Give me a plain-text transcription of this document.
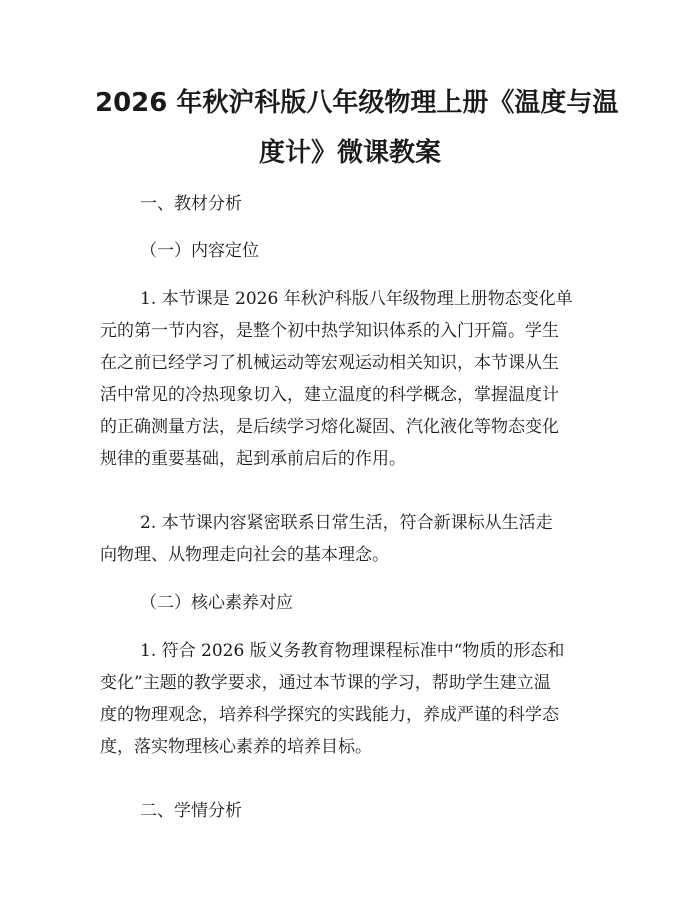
2026 年秋沪科版八年级物理上册《温度与温
度计》微课教案

一、教材分析

（一）内容定位

1. 本节课是 2026 年秋沪科版八年级物理上册物态变化单

元的第一节内容，是整个初中热学知识体系的入门开篇。学生

在之前已经学习了机械运动等宏观运动相关知识，本节课从生

活中常见的冷热现象切入，建立温度的科学概念，掌握温度计

的正确测量方法，是后续学习熔化凝固、汽化液化等物态变化

规律的重要基础，起到承前启后的作用。

2. 本节课内容紧密联系日常生活，符合新课标从生活走

向物理、从物理走向社会的基本理念。

（二）核心素养对应

1. 符合 2026 版义务教育物理课程标准中“物质的形态和

变化”主题的教学要求，通过本节课的学习，帮助学生建立温

度的物理观念，培养科学探究的实践能力，养成严谨的科学态

度，落实物理核心素养的培养目标。

二、学情分析
